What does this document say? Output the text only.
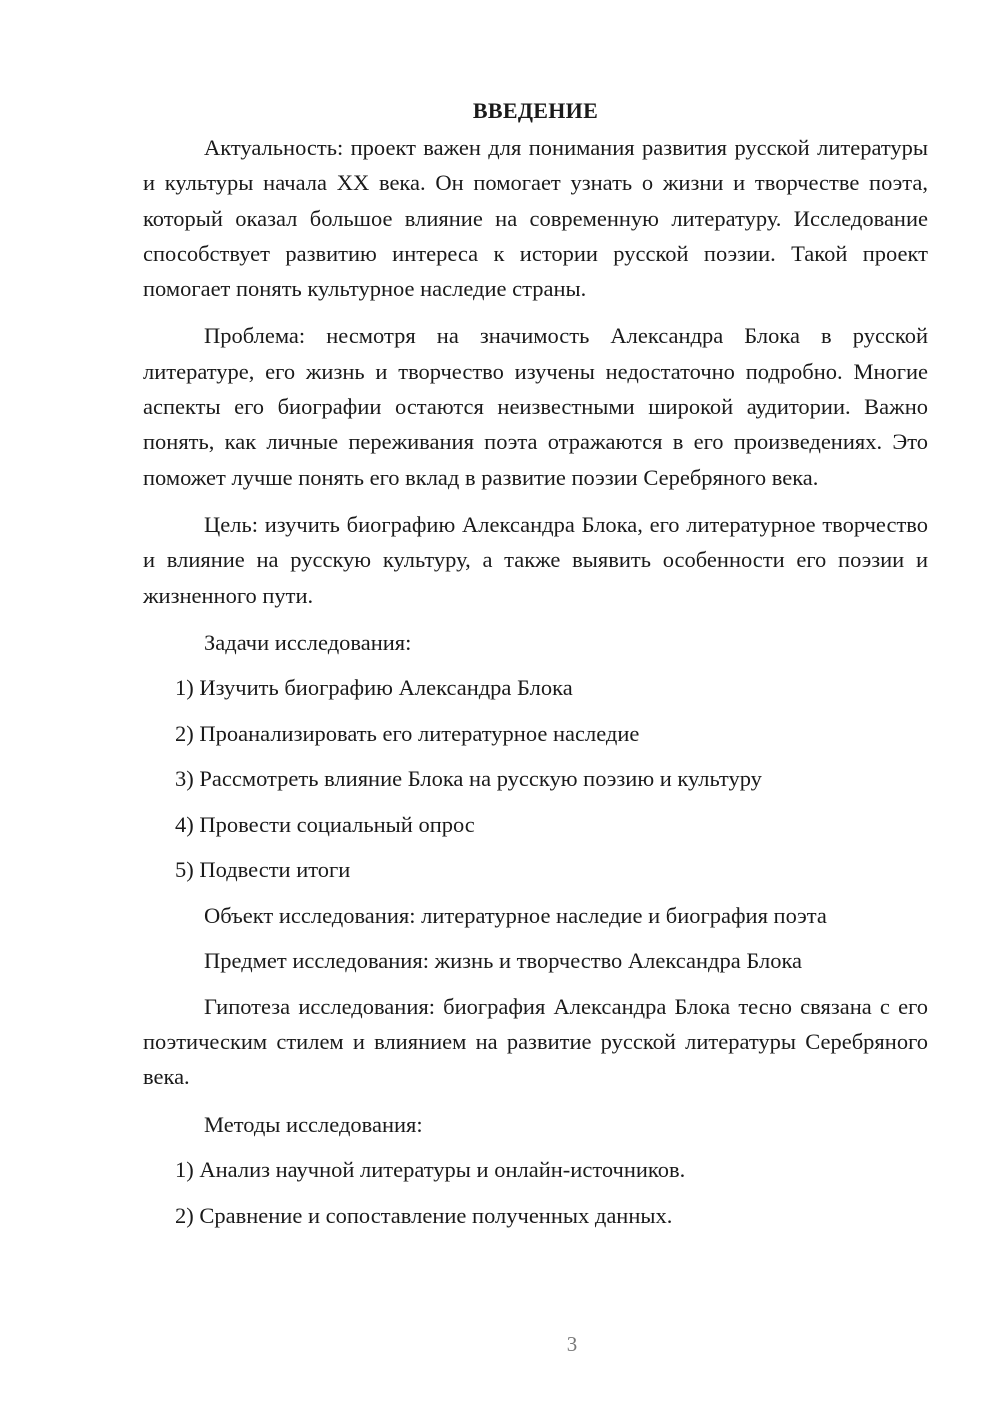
ВВЕДЕНИЕ

Актуальность: проект важен для понимания развития русской литературы и культуры начала XX века. Он помогает узнать о жизни и творчестве поэта, который оказал большое влияние на современную литературу. Исследование способствует развитию интереса к истории русской поэзии. Такой проект помогает понять культурное наследие страны.

Проблема: несмотря на значимость Александра Блока в русской литературе, его жизнь и творчество изучены недостаточно подробно. Многие аспекты его биографии остаются неизвестными широкой аудитории. Важно понять, как личные переживания поэта отражаются в его произведениях. Это поможет лучше понять его вклад в развитие поэзии Серебряного века.

Цель: изучить биографию Александра Блока, его литературное творчество и влияние на русскую культуру, а также выявить особенности его поэзии и жизненного пути.

Задачи исследования:
1) Изучить биографию Александра Блока
2) Проанализировать его литературное наследие
3) Рассмотреть влияние Блока на русскую поэзию и культуру
4) Провести социальный опрос
5) Подвести итоги
Объект исследования: литературное наследие и биография поэта
Предмет исследования: жизнь и творчество Александра Блока

Гипотеза исследования: биография Александра Блока тесно связана с его поэтическим стилем и влиянием на развитие русской литературы Серебряного века.

Методы исследования:
1) Анализ научной литературы и онлайн-источников.
2) Сравнение и сопоставление полученных данных.
3
